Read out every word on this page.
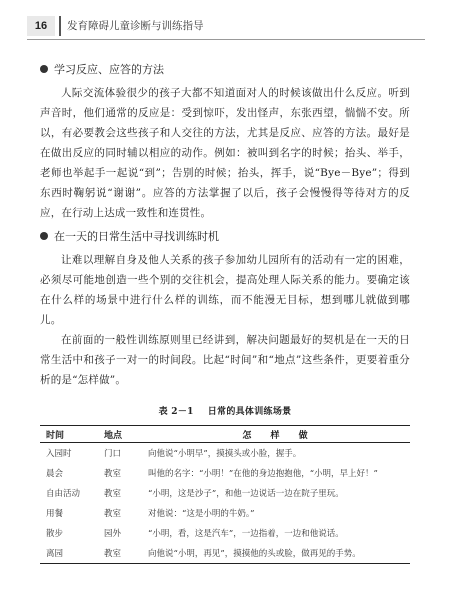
16	发育障碍儿童诊断与训练指导
学习反应、应答的方法

人际交流体验很少的孩子大都不知道面对人的时候该做出什么反应。听到声音时，他们通常的反应是：受到惊吓，发出怪声，东张西望，惴惴不安。所以，有必要教会这些孩子和人交往的方法，尤其是反应、应答的方法。最好是在做出反应的同时辅以相应的动作。例如：被叫到名字的时候；抬头、举手，老师也举起手一起说“到”；告别的时候；抬头，挥手，说“Bye－Bye”；得到东西时鞠躬说“谢谢”。应答的方法掌握了以后，孩子会慢慢得等待对方的反应，在行动上达成一致性和连贯性。

在一天的日常生活中寻找训练时机

让难以理解自身及他人关系的孩子参加幼儿园所有的活动有一定的困难，必须尽可能地创造一些个别的交往机会，提高处理人际关系的能力。要确定该在什么样的场景中进行什么样的训练，而不能漫无目标，想到哪儿就做到哪儿。

在前面的一般性训练原则里已经讲到，解决问题最好的契机是在一天的日常生活中和孩子一对一的时间段。比起“时间”和“地点”这些条件，更要着重分析的是“怎样做”。

表 2－1 日常的具体训练场景
时间	地点	怎 样 做
入园时	门口	向他说“小明早”，摸摸头或小脸，握手。
晨会	教室	叫他的名字：“小明！”在他的身边抱抱他，“小明，早上好！”
自由活动	教室	“小明，这是沙子”，和他一边说话一边在院子里玩。
用餐	教室	对他说：“这是小明的牛奶。”
散步	园外	“小明，看，这是汽车”，一边指着，一边和他说话。
离园	教室	向他说“小明，再见”，摸摸他的头或脸，做再见的手势。
